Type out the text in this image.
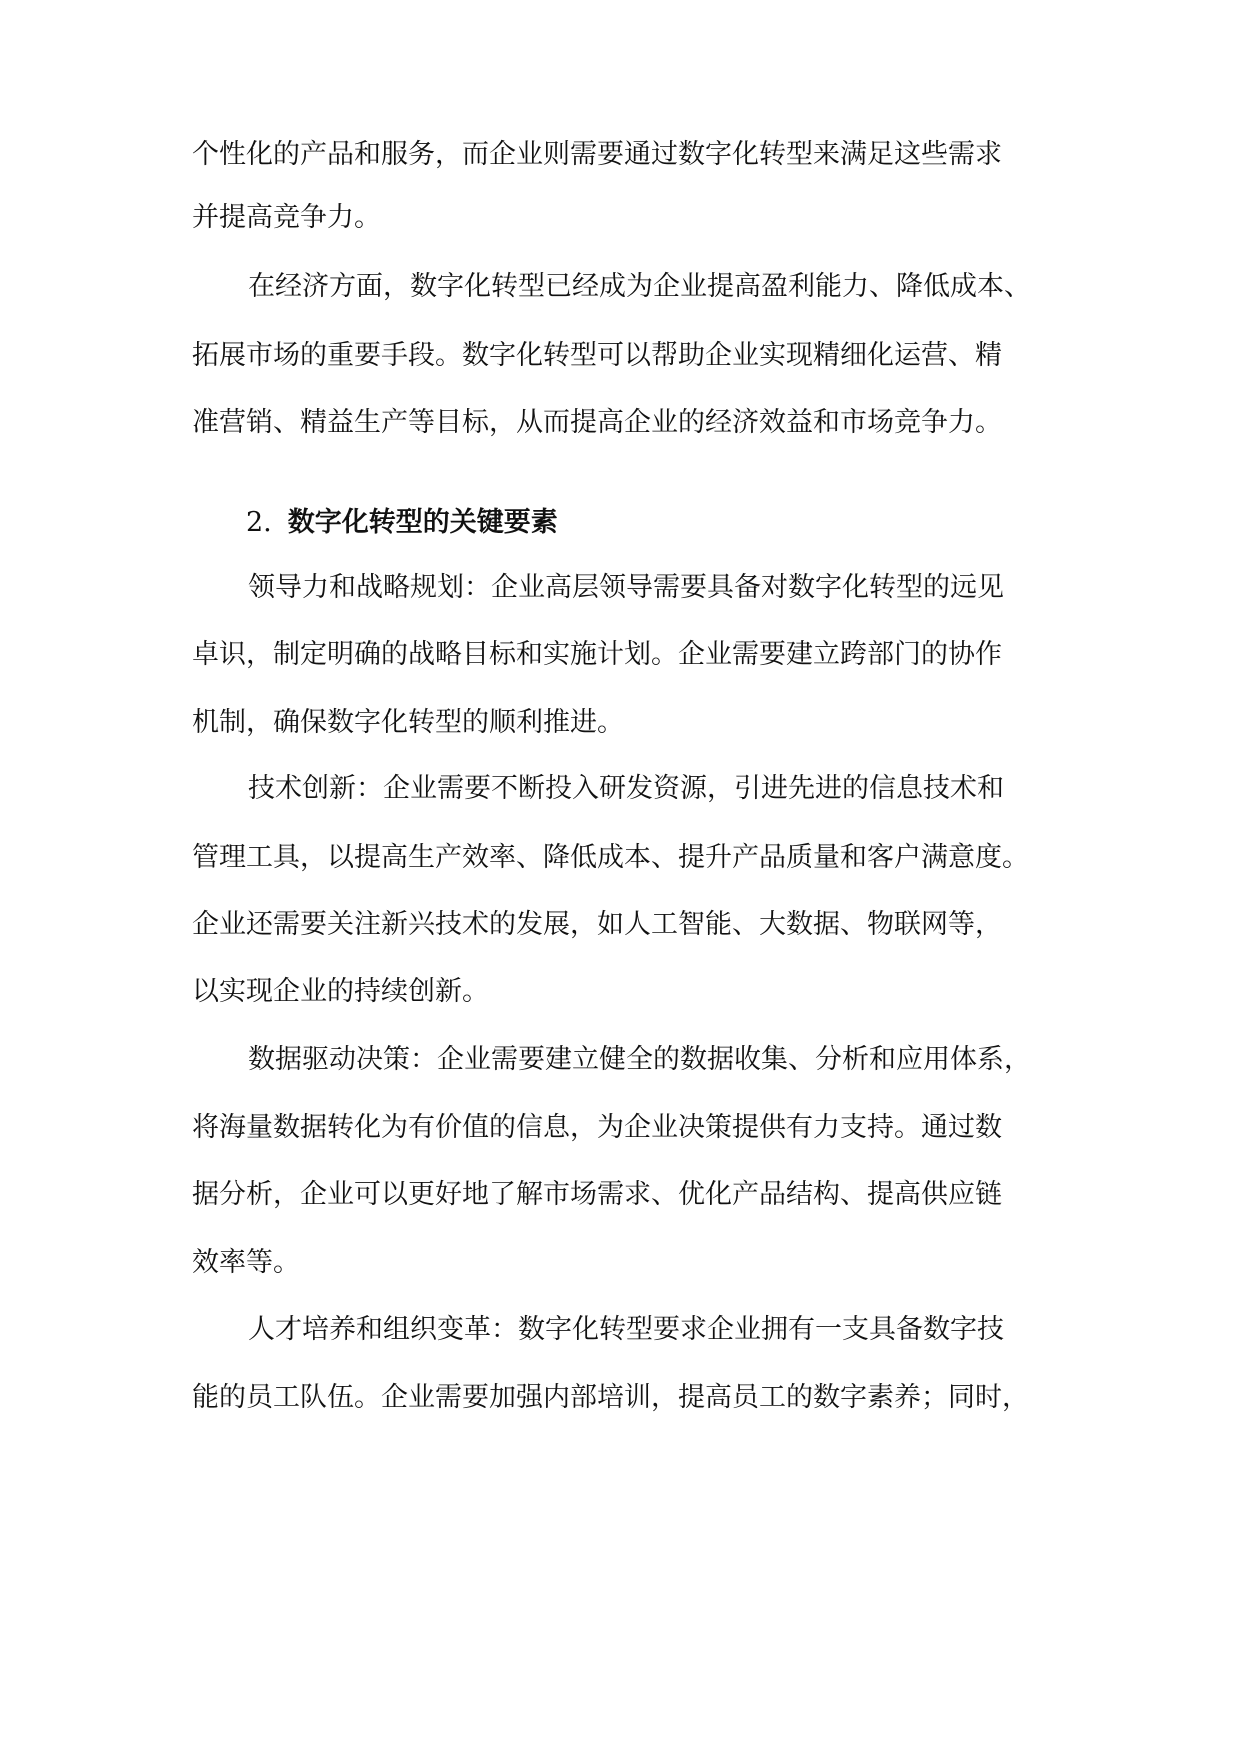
个性化的产品和服务，而企业则需要通过数字化转型来满足这些需求
并提高竞争力。
在经济方面，数字化转型已经成为企业提高盈利能力、降低成本、
拓展市场的重要手段。数字化转型可以帮助企业实现精细化运营、精
准营销、精益生产等目标，从而提高企业的经济效益和市场竞争力。
2. 数字化转型的关键要素
领导力和战略规划：企业高层领导需要具备对数字化转型的远见
卓识，制定明确的战略目标和实施计划。企业需要建立跨部门的协作
机制，确保数字化转型的顺利推进。
技术创新：企业需要不断投入研发资源，引进先进的信息技术和
管理工具，以提高生产效率、降低成本、提升产品质量和客户满意度。
企业还需要关注新兴技术的发展，如人工智能、大数据、物联网等，
以实现企业的持续创新。
数据驱动决策：企业需要建立健全的数据收集、分析和应用体系，
将海量数据转化为有价值的信息，为企业决策提供有力支持。通过数
据分析，企业可以更好地了解市场需求、优化产品结构、提高供应链
效率等。
人才培养和组织变革：数字化转型要求企业拥有一支具备数字技
能的员工队伍。企业需要加强内部培训，提高员工的数字素养；同时，
